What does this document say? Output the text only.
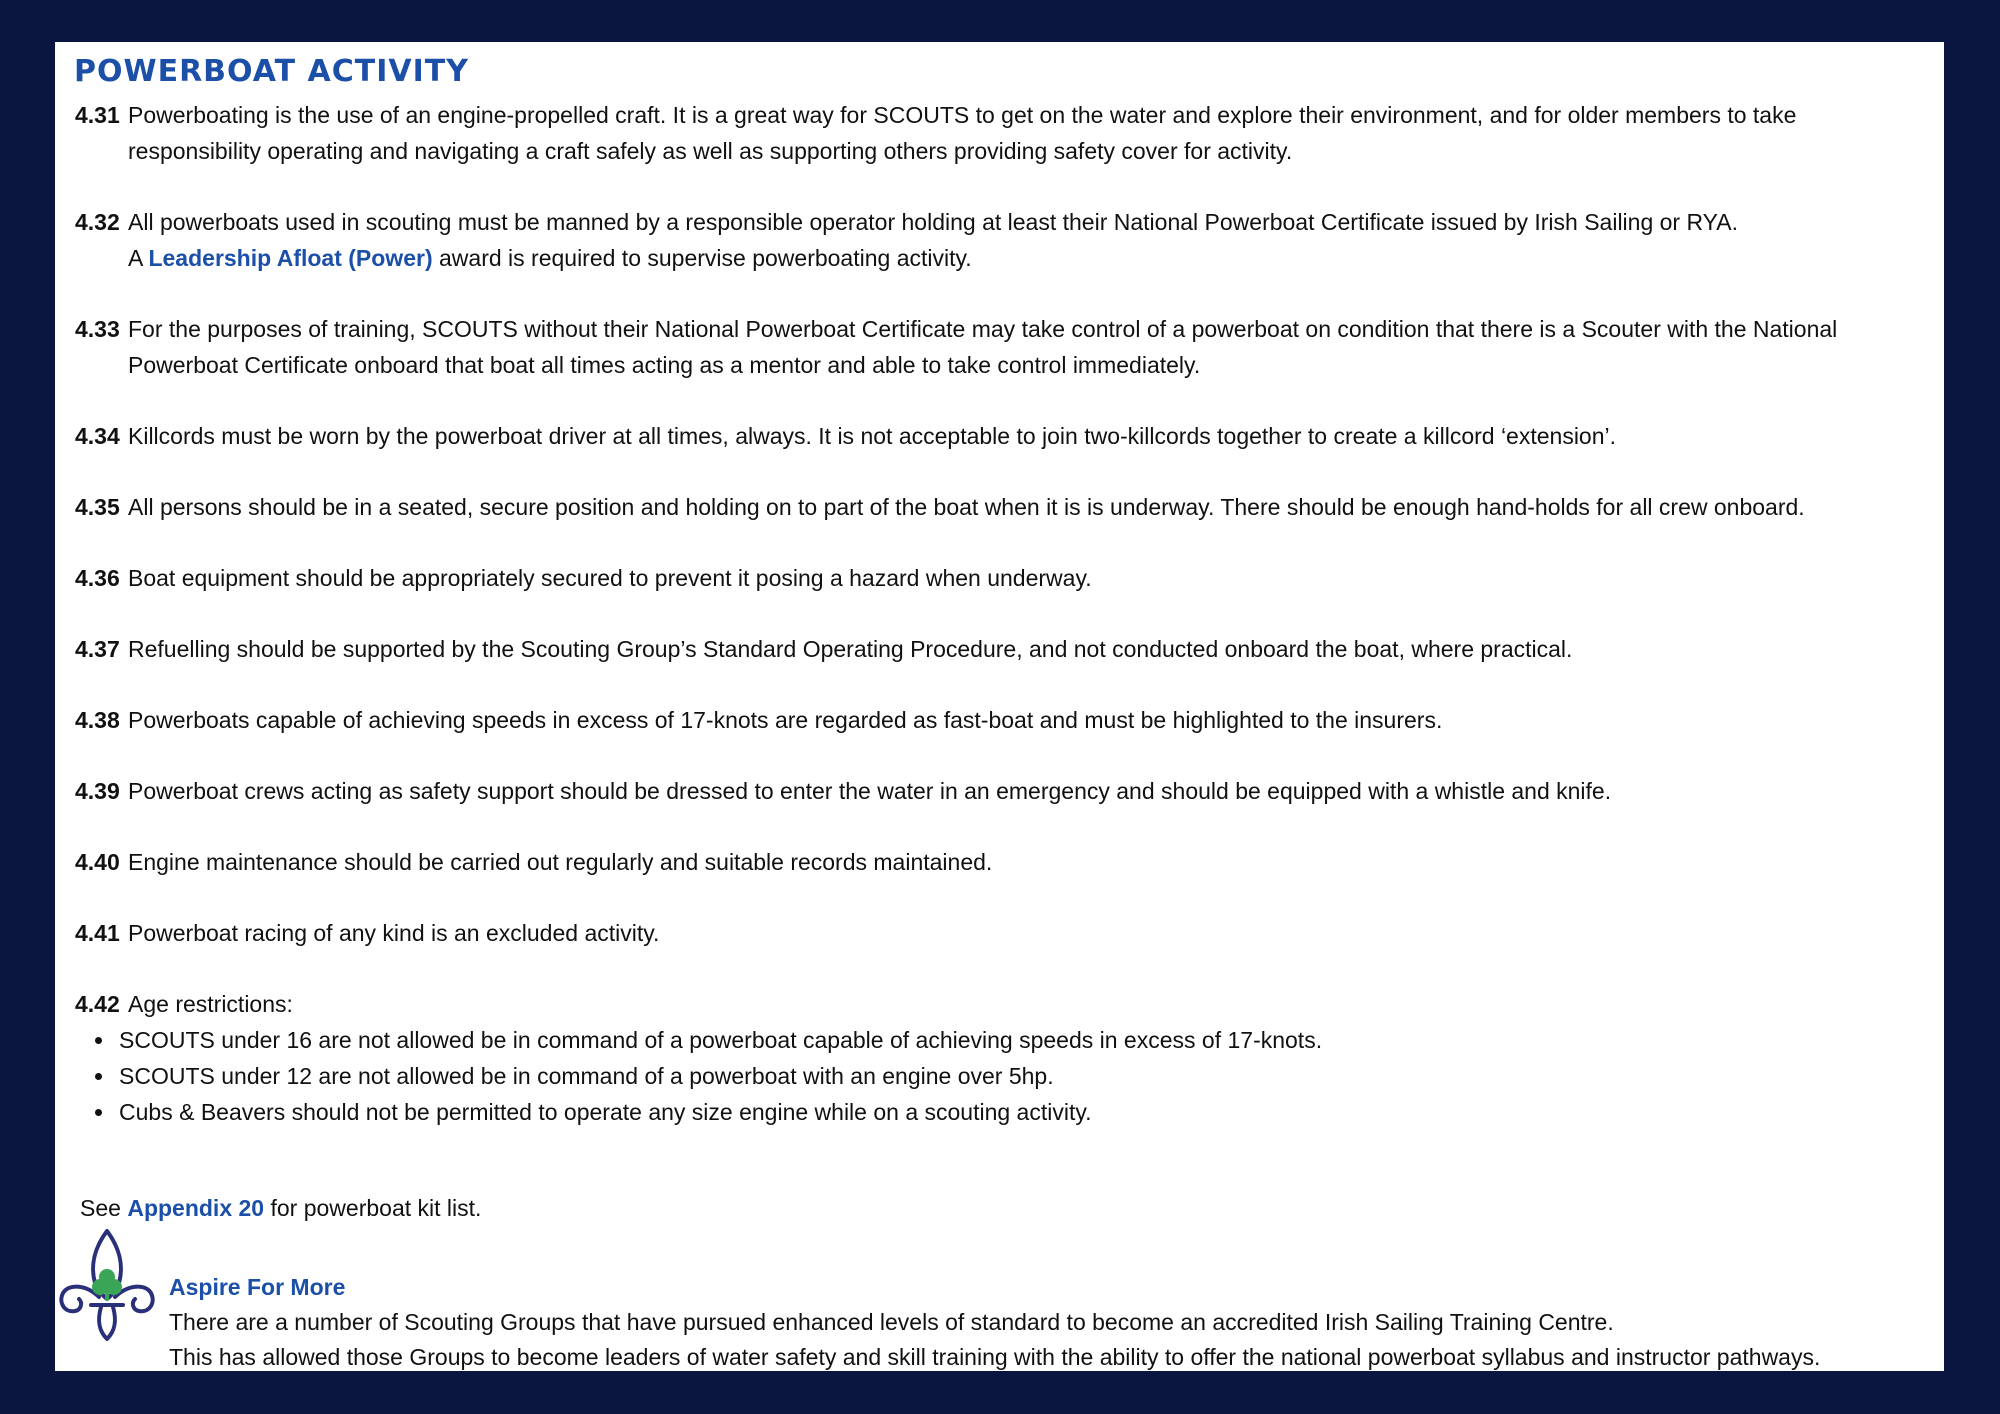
POWERBOAT ACTIVITY
4.31 Powerboating is the use of an engine-propelled craft. It is a great way for SCOUTS to get on the water and explore their environment, and for older members to take responsibility operating and navigating a craft safely as well as supporting others providing safety cover for activity.
4.32 All powerboats used in scouting must be manned by a responsible operator holding at least their National Powerboat Certificate issued by Irish Sailing or RYA.
A Leadership Afloat (Power) award is required to supervise powerboating activity.
4.33 For the purposes of training, SCOUTS without their National Powerboat Certificate may take control of a powerboat on condition that there is a Scouter with the National Powerboat Certificate onboard that boat all times acting as a mentor and able to take control immediately.
4.34 Killcords must be worn by the powerboat driver at all times, always. It is not acceptable to join two-killcords together to create a killcord ‘extension’.
4.35 All persons should be in a seated, secure position and holding on to part of the boat when it is is underway. There should be enough hand-holds for all crew onboard.
4.36 Boat equipment should be appropriately secured to prevent it posing a hazard when underway.
4.37 Refuelling should be supported by the Scouting Group’s Standard Operating Procedure, and not conducted onboard the boat, where practical.
4.38 Powerboats capable of achieving speeds in excess of 17-knots are regarded as fast-boat and must be highlighted to the insurers.
4.39 Powerboat crews acting as safety support should be dressed to enter the water in an emergency and should be equipped with a whistle and knife.
4.40 Engine maintenance should be carried out regularly and suitable records maintained.
4.41 Powerboat racing of any kind is an excluded activity.
4.42 Age restrictions:
SCOUTS under 16 are not allowed be in command of a powerboat capable of achieving speeds in excess of 17-knots.
SCOUTS under 12 are not allowed be in command of a powerboat with an engine over 5hp.
Cubs & Beavers should not be permitted to operate any size engine while on a scouting activity.
See Appendix 20 for powerboat kit list.
Aspire For More
There are a number of Scouting Groups that have pursued enhanced levels of standard to become an accredited Irish Sailing Training Centre.
This has allowed those Groups to become leaders of water safety and skill training with the ability to offer the national powerboat syllabus and instructor pathways.
